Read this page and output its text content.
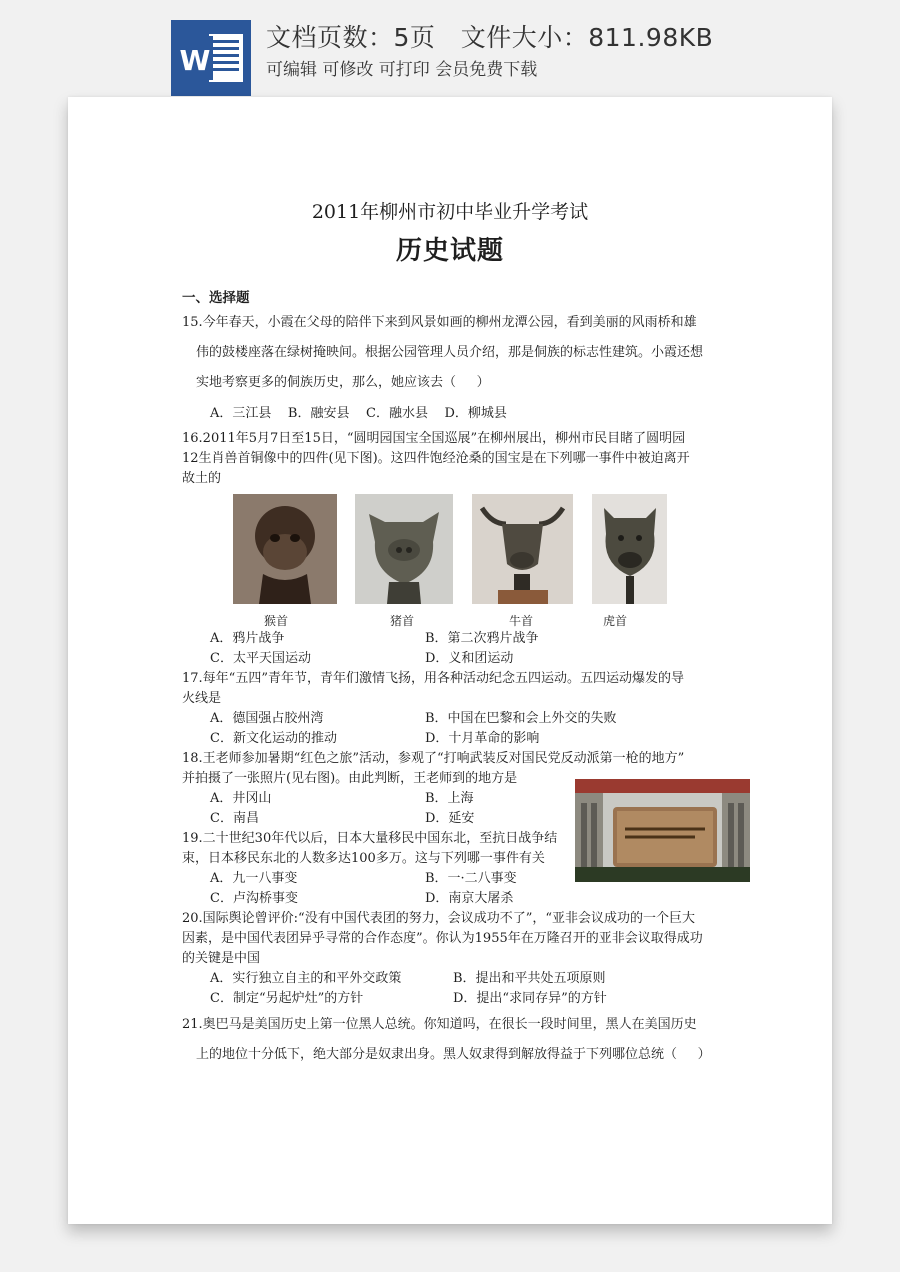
W
文档页数：5页   文件大小：811.98KB
可编辑 可修改 可打印 会员免费下载
2011年柳州市初中毕业升学考试
历史试题
一、选择题
15.今年春天，小霞在父母的陪伴下来到风景如画的柳州龙潭公园，看到美丽的风雨桥和雄
伟的鼓楼座落在绿树掩映间。根据公园管理人员介绍，那是侗族的标志性建筑。小霞还想
实地考察更多的侗族历史，那么，她应该去（     ）
A．三江县    B．融安县    C．融水县    D．柳城县
16.2011年5月7日至15日，“圆明园国宝全国巡展”在柳州展出，柳州市民目睹了圆明园
12生肖兽首铜像中的四件(见下图)。这四件饱经沧桑的国宝是在下列哪一事件中被迫离开
故土的
猴首	猪首	牛首	虎首
A．鸦片战争	B．第二次鸦片战争
C．太平天国运动	D．义和团运动
17.每年“五四”青年节，青年们激情飞扬，用各种活动纪念五四运动。五四运动爆发的导
火线是
A．德国强占胶州湾	B．中国在巴黎和会上外交的失败
C．新文化运动的推动	D．十月革命的影响
18.王老师参加暑期“红色之旅”活动，参观了“打响武装反对国民党反动派第一枪的地方”
并拍摄了一张照片(见右图)。由此判断，王老师到的地方是
A．井冈山	B．上海
C．南昌	D．延安
19.二十世纪30年代以后，日本大量移民中国东北，至抗日战争结
束，日本移民东北的人数多达100多万。这与下列哪一事件有关
A．九一八事变	B．一·二八事变
C．卢沟桥事变	D．南京大屠杀
20.国际舆论曾评价:“没有中国代表团的努力，会议成功不了”，“亚非会议成功的一个巨大
因素，是中国代表团异乎寻常的合作态度”。你认为1955年在万隆召开的亚非会议取得成功
的关键是中国
A．实行独立自主的和平外交政策	B．提出和平共处五项原则
C．制定“另起炉灶”的方针	D．提出“求同存异”的方针
21.奥巴马是美国历史上第一位黑人总统。你知道吗，在很长一段时间里，黑人在美国历史
上的地位十分低下，绝大部分是奴隶出身。黑人奴隶得到解放得益于下列哪位总统（     ）
